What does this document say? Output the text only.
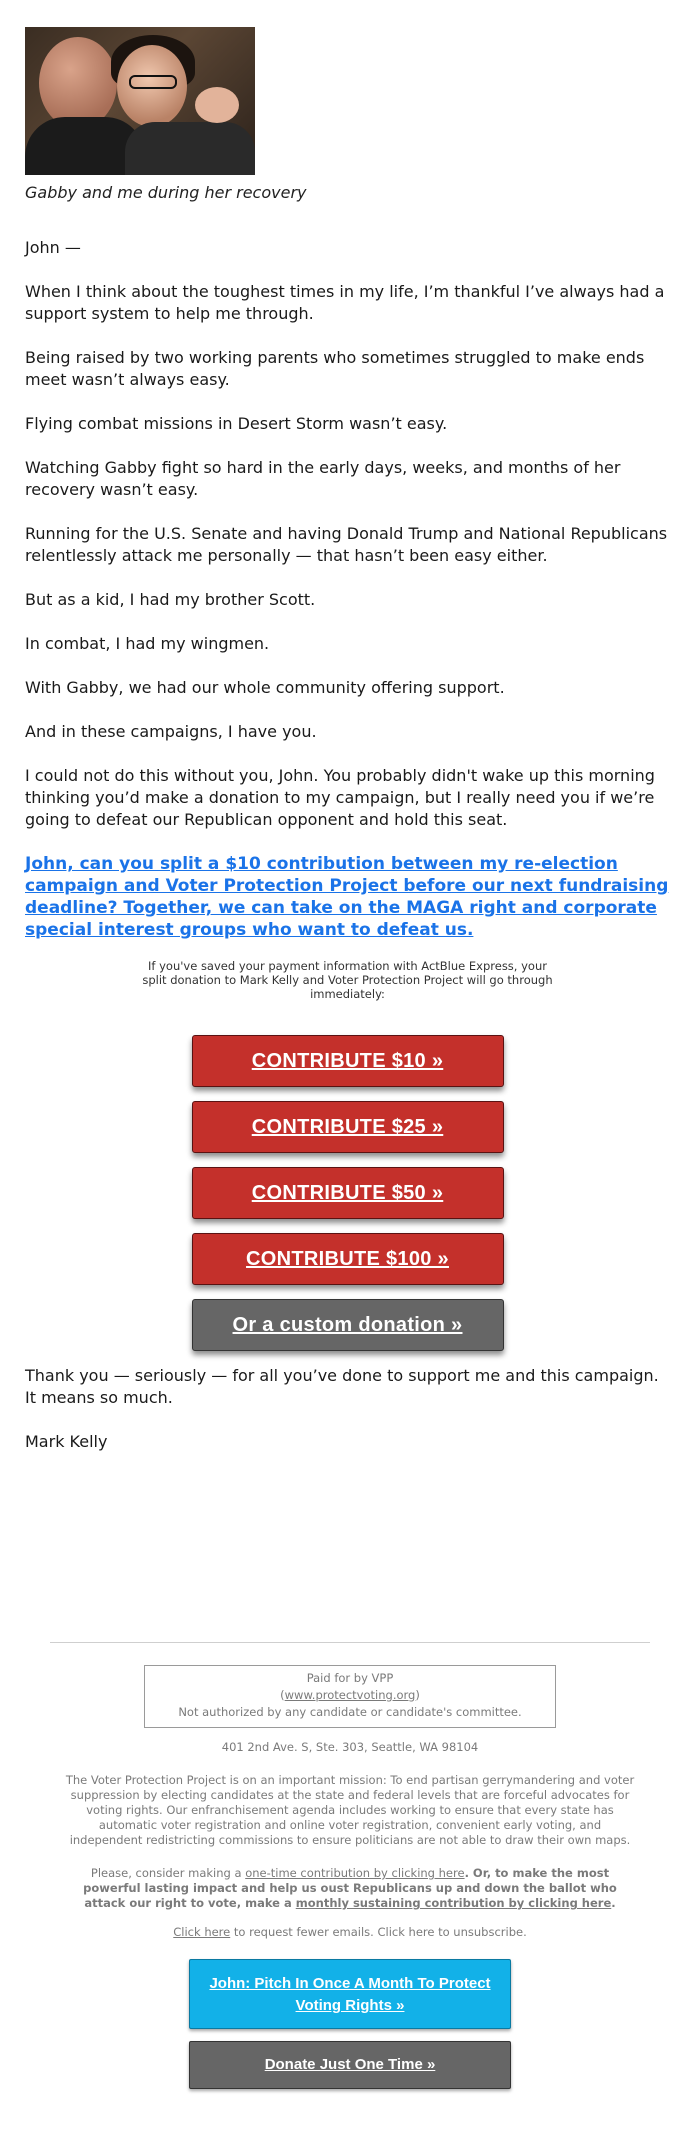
Gabby and me during her recovery

John —

When I think about the toughest times in my life, I’m thankful I’ve always had a support system to help me through.

Being raised by two working parents who sometimes struggled to make ends meet wasn’t always easy.

Flying combat missions in Desert Storm wasn’t easy.

Watching Gabby fight so hard in the early days, weeks, and months of her recovery wasn’t easy.

Running for the U.S. Senate and having Donald Trump and National Republicans relentlessly attack me personally — that hasn’t been easy either.

But as a kid, I had my brother Scott.

In combat, I had my wingmen.

With Gabby, we had our whole community offering support.

And in these campaigns, I have you.

I could not do this without you, John. You probably didn't wake up this morning thinking you’d make a donation to my campaign, but I really need you if we’re going to defeat our Republican opponent and hold this seat.

John, can you split a $10 contribution between my re-election campaign and Voter Protection Project before our next fundraising deadline? Together, we can take on the MAGA right and corporate special interest groups who want to defeat us.
If you've saved your payment information with ActBlue Express, your split donation to Mark Kelly and Voter Protection Project will go through immediately:
CONTRIBUTE $10 »
CONTRIBUTE $25 »
CONTRIBUTE $50 »
CONTRIBUTE $100 »
Or a custom donation »

Thank you — seriously — for all you’ve done to support me and this campaign. It means so much.

Mark Kelly

Paid for by VPP
(www.protectvoting.org)
Not authorized by any candidate or candidate's committee.
401 2nd Ave. S, Ste. 303, Seattle, WA 98104
The Voter Protection Project is on an important mission: To end partisan gerrymandering and voter suppression by electing candidates at the state and federal levels that are forceful advocates for voting rights. Our enfranchisement agenda includes working to ensure that every state has automatic voter registration and online voter registration, convenient early voting, and independent redistricting commissions to ensure politicians are not able to draw their own maps.
Please, consider making a one-time contribution by clicking here. Or, to make the most powerful lasting impact and help us oust Republicans up and down the ballot who attack our right to vote, make a monthly sustaining contribution by clicking here.
Click here to request fewer emails. Click here to unsubscribe.
John: Pitch In Once A Month To Protect Voting Rights »
Donate Just One Time »
